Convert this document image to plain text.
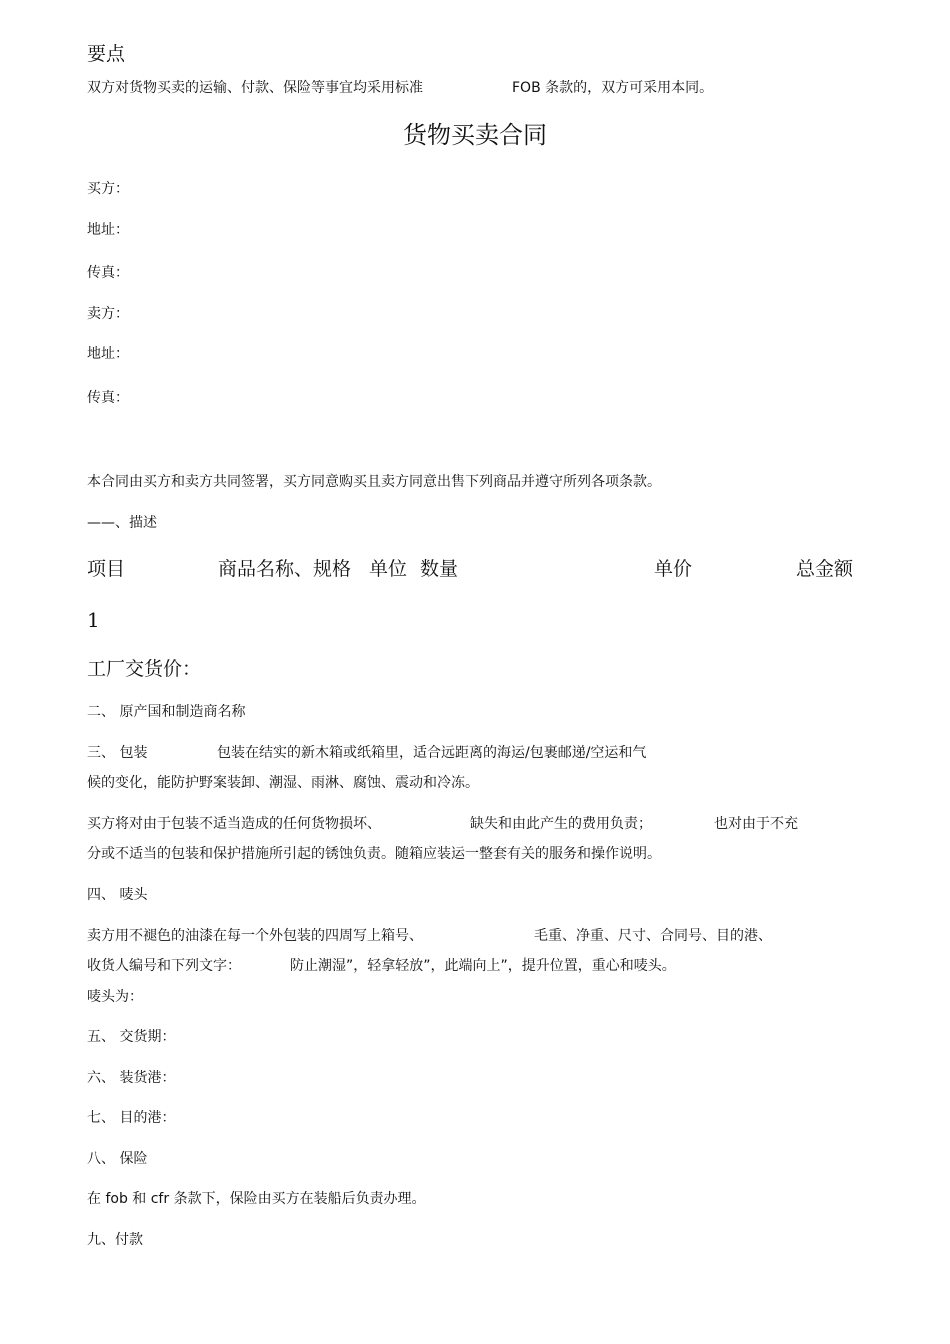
要点
双方对货物买卖的运输、付款、保险等事宜均采用标准	FOB 条款的，双方可采用本同。
货物买卖合同
买方：
地址：
传真：
卖方：
地址：
传真：
本合同由买方和卖方共同签署，买方同意购买且卖方同意出售下列商品并遵守所列各项条款。
——、描述
项目	商品名称、规格 单位 数量	单价	总金额
1
工厂交货价：
二、 原产国和制造商名称
三、 包装	包装在结实的新木箱或纸箱里，适合远距离的海运/包裹邮递/空运和气
候的变化，能防护野案装卸、潮湿、雨淋、腐蚀、震动和冷冻。
买方将对由于包装不适当造成的任何货物损坏、	缺失和由此产生的费用负责；	也对由于不充
分或不适当的包装和保护措施所引起的锈蚀负责。随箱应装运一整套有关的服务和操作说明。
四、 唛头
卖方用不褪色的油漆在每一个外包装的四周写上箱号、	毛重、净重、尺寸、合同号、目的港、
收货人编号和下列文字：	防止潮湿”，轻拿轻放”，此端向上”，提升位置，重心和唛头。
唛头为：
五、 交货期：
六、 装货港：
七、 目的港：
八、 保险
在 fob 和 cfr 条款下，保险由买方在装船后负责办理。
九、付款
